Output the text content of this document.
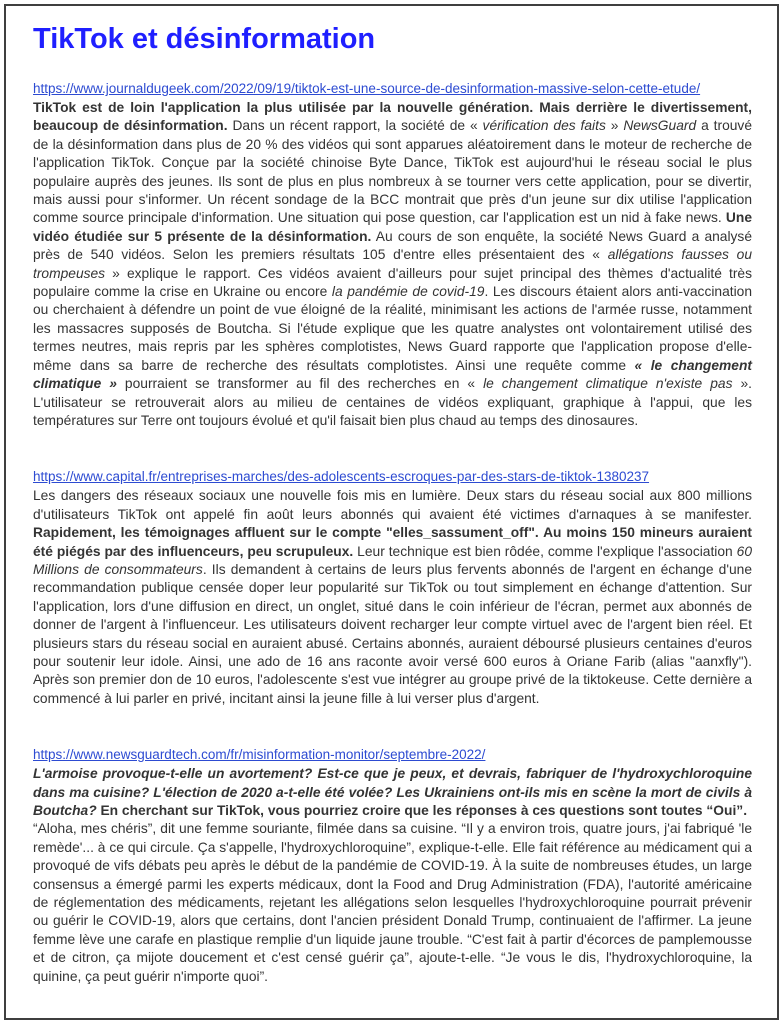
TikTok et désinformation
https://www.journaldugeek.com/2022/09/19/tiktok-est-une-source-de-desinformation-massive-selon-cette-etude/

TikTok est de loin l'application la plus utilisée par la nouvelle génération. Mais derrière le divertissement, beaucoup de désinformation. Dans un récent rapport, la société de « vérification des faits » NewsGuard a trouvé de la désinformation dans plus de 20 % des vidéos qui sont apparues aléatoirement dans le moteur de recherche de l'application TikTok. Conçue par la société chinoise Byte Dance, TikTok est aujourd'hui le réseau social le plus populaire auprès des jeunes. Ils sont de plus en plus nombreux à se tourner vers cette application, pour se divertir, mais aussi pour s'informer. Un récent sondage de la BCC montrait que près d'un jeune sur dix utilise l'application comme source principale d'information. Une situation qui pose question, car l'application est un nid à fake news. Une vidéo étudiée sur 5 présente de la désinformation. Au cours de son enquête, la société News Guard a analysé près de 540 vidéos. Selon les premiers résultats 105 d'entre elles présentaient des « allégations fausses ou trompeuses » explique le rapport. Ces vidéos avaient d'ailleurs pour sujet principal des thèmes d'actualité très populaire comme la crise en Ukraine ou encore la pandémie de covid-19. Les discours étaient alors anti-vaccination ou cherchaient à défendre un point de vue éloigné de la réalité, minimisant les actions de l'armée russe, notamment les massacres supposés de Boutcha. Si l'étude explique que les quatre analystes ont volontairement utilisé des termes neutres, mais repris par les sphères complotistes, News Guard rapporte que l'application propose d'elle-même dans sa barre de recherche des résultats complotistes. Ainsi une requête comme « le changement climatique » pourraient se transformer au fil des recherches en « le changement climatique n'existe pas ». L'utilisateur se retrouverait alors au milieu de centaines de vidéos expliquant, graphique à l'appui, que les températures sur Terre ont toujours évolué et qu'il faisait bien plus chaud au temps des dinosaures.

https://www.capital.fr/entreprises-marches/des-adolescents-escroques-par-des-stars-de-tiktok-1380237

Les dangers des réseaux sociaux une nouvelle fois mis en lumière. Deux stars du réseau social aux 800 millions d'utilisateurs TikTok ont appelé fin août leurs abonnés qui avaient été victimes d'arnaques à se manifester. Rapidement, les témoignages affluent sur le compte "elles_sassument_off". Au moins 150 mineurs auraient été piégés par des influenceurs, peu scrupuleux. Leur technique est bien rôdée, comme l'explique l'association 60 Millions de consommateurs. Ils demandent à certains de leurs plus fervents abonnés de l'argent en échange d'une recommandation publique censée doper leur popularité sur TikTok ou tout simplement en échange d'attention. Sur l'application, lors d'une diffusion en direct, un onglet, situé dans le coin inférieur de l'écran, permet aux abonnés de donner de l'argent à l'influenceur. Les utilisateurs doivent recharger leur compte virtuel avec de l'argent bien réel. Et plusieurs stars du réseau social en auraient abusé. Certains abonnés, auraient déboursé plusieurs centaines d'euros pour soutenir leur idole. Ainsi, une ado de 16 ans raconte avoir versé 600 euros à Oriane Farib (alias "aanxfly"). Après son premier don de 10 euros, l'adolescente s'est vue intégrer au groupe privé de la tiktokeuse. Cette dernière a commencé à lui parler en privé, incitant ainsi la jeune fille à lui verser plus d'argent.

https://www.newsguardtech.com/fr/misinformation-monitor/septembre-2022/

L'armoise provoque-t-elle un avortement? Est-ce que je peux, et devrais, fabriquer de l'hydroxychloroquine dans ma cuisine? L'élection de 2020 a-t-elle été volée? Les Ukrainiens ont-ils mis en scène la mort de civils à Boutcha? En cherchant sur TikTok, vous pourriez croire que les réponses à ces questions sont toutes “Oui”.

“Aloha, mes chéris”, dit une femme souriante, filmée dans sa cuisine. “Il y a environ trois, quatre jours, j'ai fabriqué 'le remède'... à ce qui circule. Ça s'appelle, l'hydroxychloroquine”, explique-t-elle. Elle fait référence au médicament qui a provoqué de vifs débats peu après le début de la pandémie de COVID-19. À la suite de nombreuses études, un large consensus a émergé parmi les experts médicaux, dont la Food and Drug Administration (FDA), l'autorité américaine de réglementation des médicaments, rejetant les allégations selon lesquelles l'hydroxychloroquine pourrait prévenir ou guérir le COVID-19, alors que certains, dont l'ancien président Donald Trump, continuaient de l'affirmer. La jeune femme lève une carafe en plastique remplie d'un liquide jaune trouble. “C'est fait à partir d'écorces de pamplemousse et de citron, ça mijote doucement et c'est censé guérir ça”, ajoute-t-elle. “Je vous le dis, l'hydroxychloroquine, la quinine, ça peut guérir n'importe quoi”.
